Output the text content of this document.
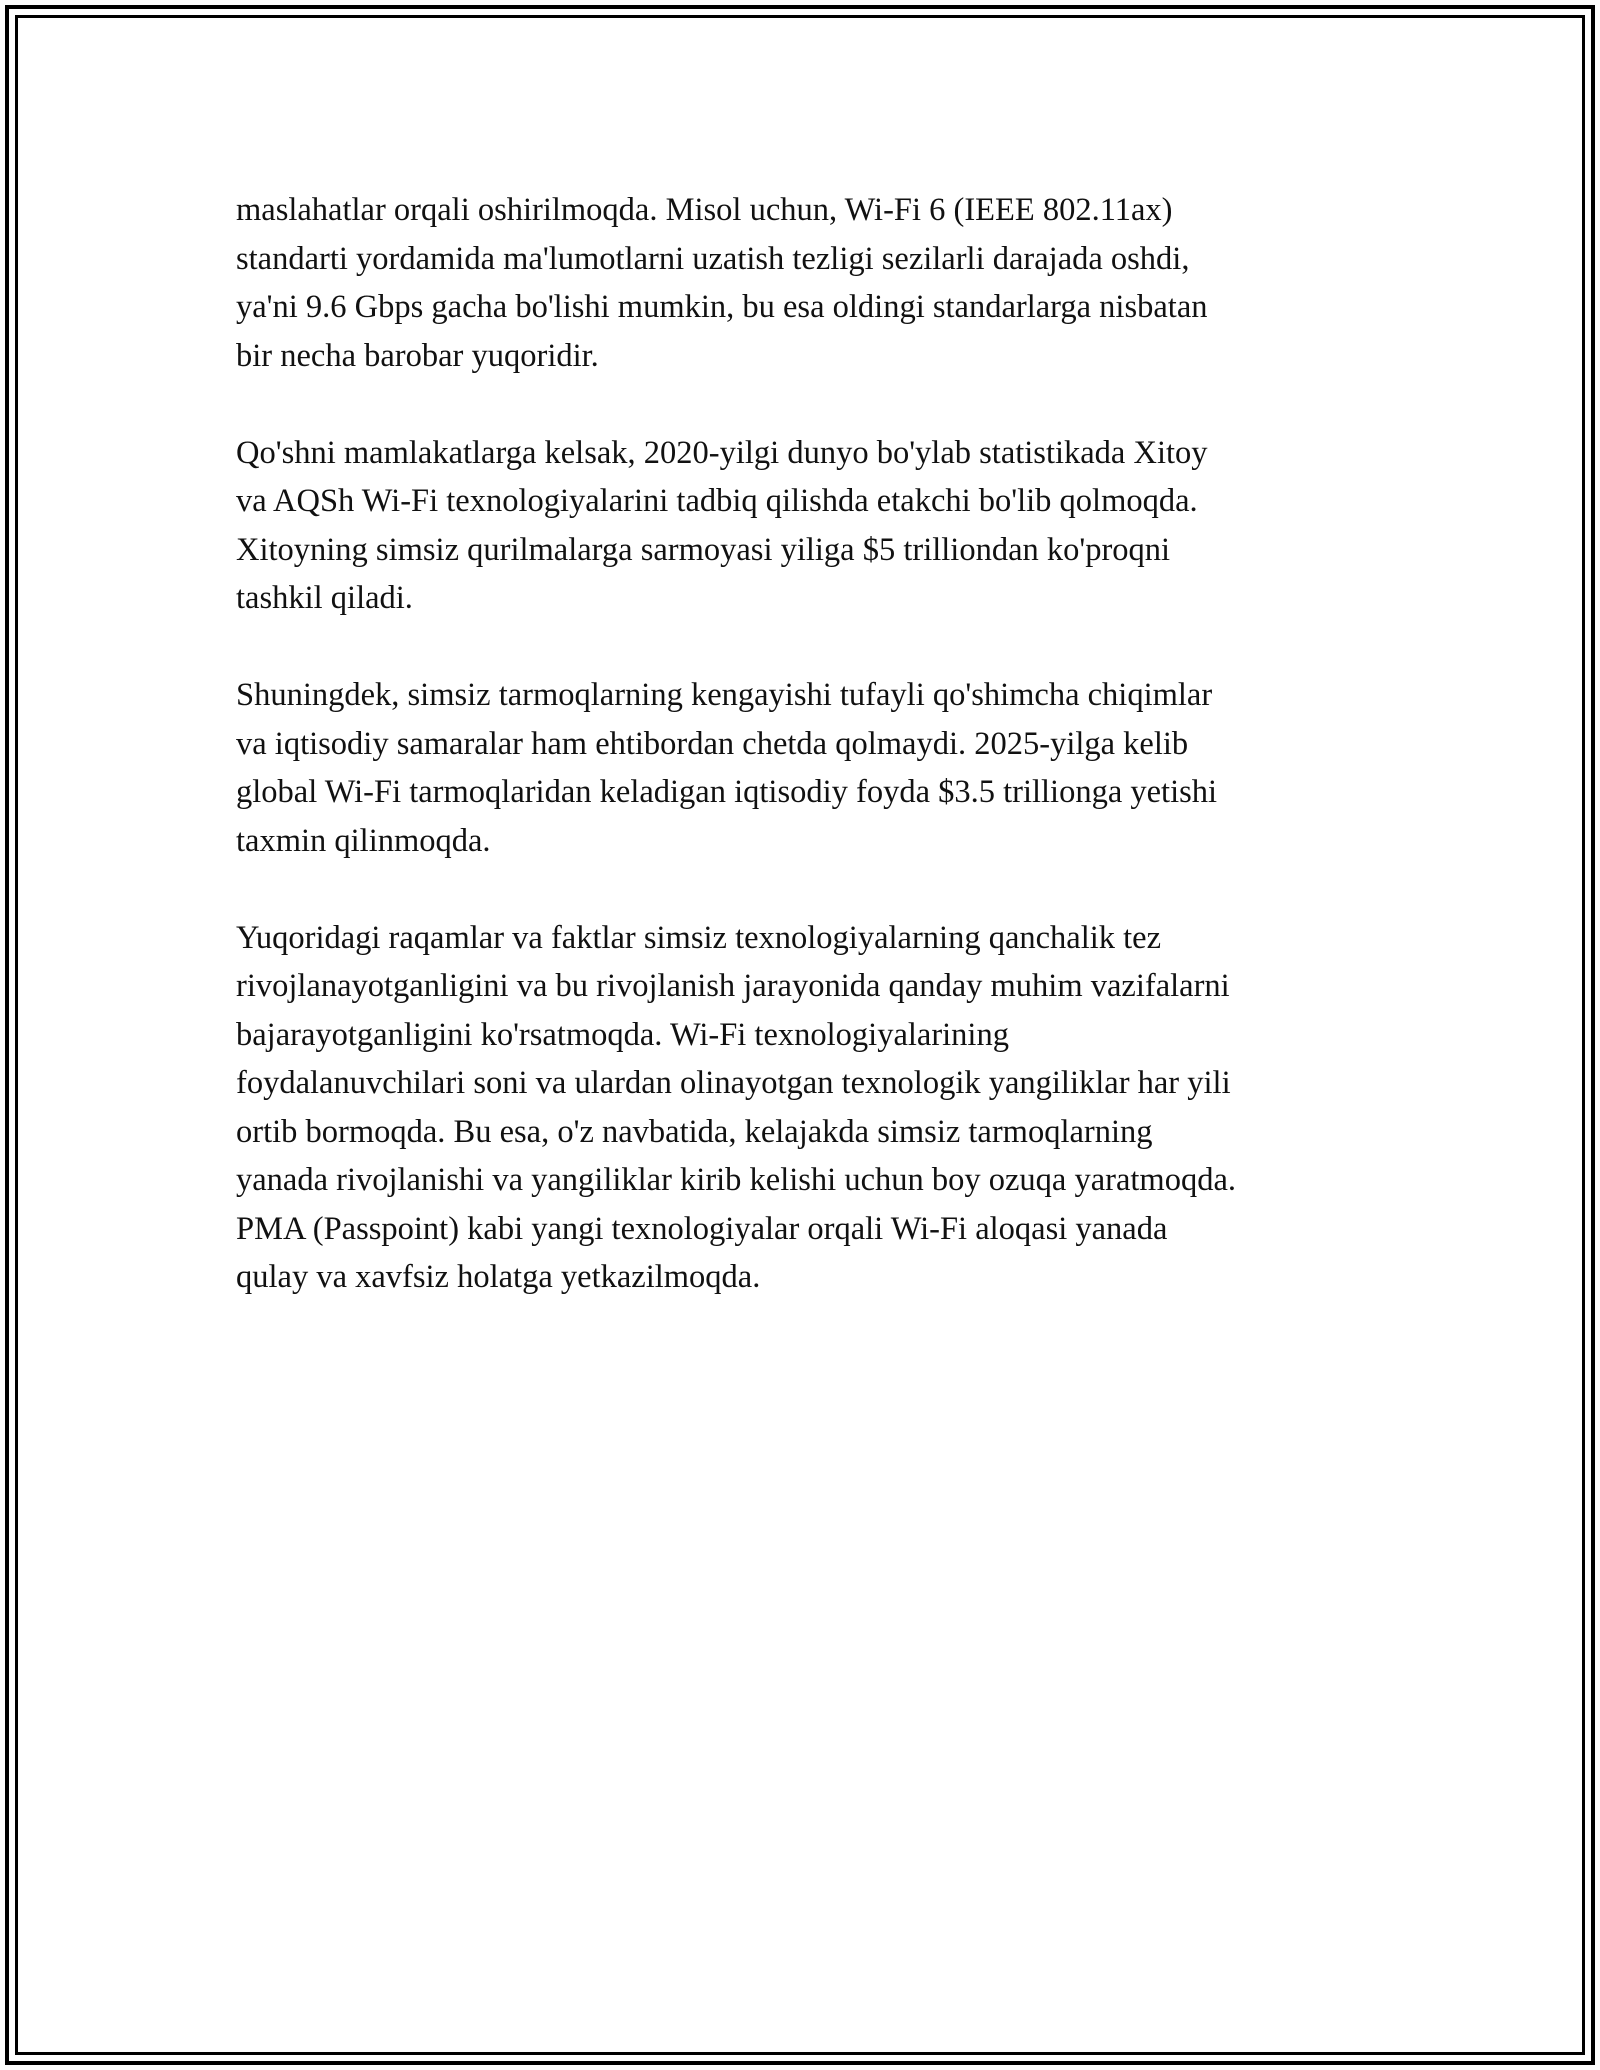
maslahatlar orqali oshirilmoqda. Misol uchun, Wi-Fi 6 (IEEE 802.11ax)
standarti yordamida ma'lumotlarni uzatish tezligi sezilarli darajada oshdi,
ya'ni 9.6 Gbps gacha bo'lishi mumkin, bu esa oldingi standarlarga nisbatan
bir necha barobar yuqoridir.

Qo'shni mamlakatlarga kelsak, 2020-yilgi dunyo bo'ylab statistikada Xitoy
va AQSh Wi-Fi texnologiyalarini tadbiq qilishda etakchi bo'lib qolmoqda.
Xitoyning simsiz qurilmalarga sarmoyasi yiliga $5 trilliondan ko'proqni
tashkil qiladi.

Shuningdek, simsiz tarmoqlarning kengayishi tufayli qo'shimcha chiqimlar
va iqtisodiy samaralar ham ehtibordan chetda qolmaydi. 2025-yilga kelib
global Wi-Fi tarmoqlaridan keladigan iqtisodiy foyda $3.5 trillionga yetishi
taxmin qilinmoqda.

Yuqoridagi raqamlar va faktlar simsiz texnologiyalarning qanchalik tez
rivojlanayotganligini va bu rivojlanish jarayonida qanday muhim vazifalarni
bajarayotganligini ko'rsatmoqda. Wi-Fi texnologiyalarining
foydalanuvchilari soni va ulardan olinayotgan texnologik yangiliklar har yili
ortib bormoqda. Bu esa, o'z navbatida, kelajakda simsiz tarmoqlarning
yanada rivojlanishi va yangiliklar kirib kelishi uchun boy ozuqa yaratmoqda.
PMA (Passpoint) kabi yangi texnologiyalar orqali Wi-Fi aloqasi yanada
qulay va xavfsiz holatga yetkazilmoqda.
